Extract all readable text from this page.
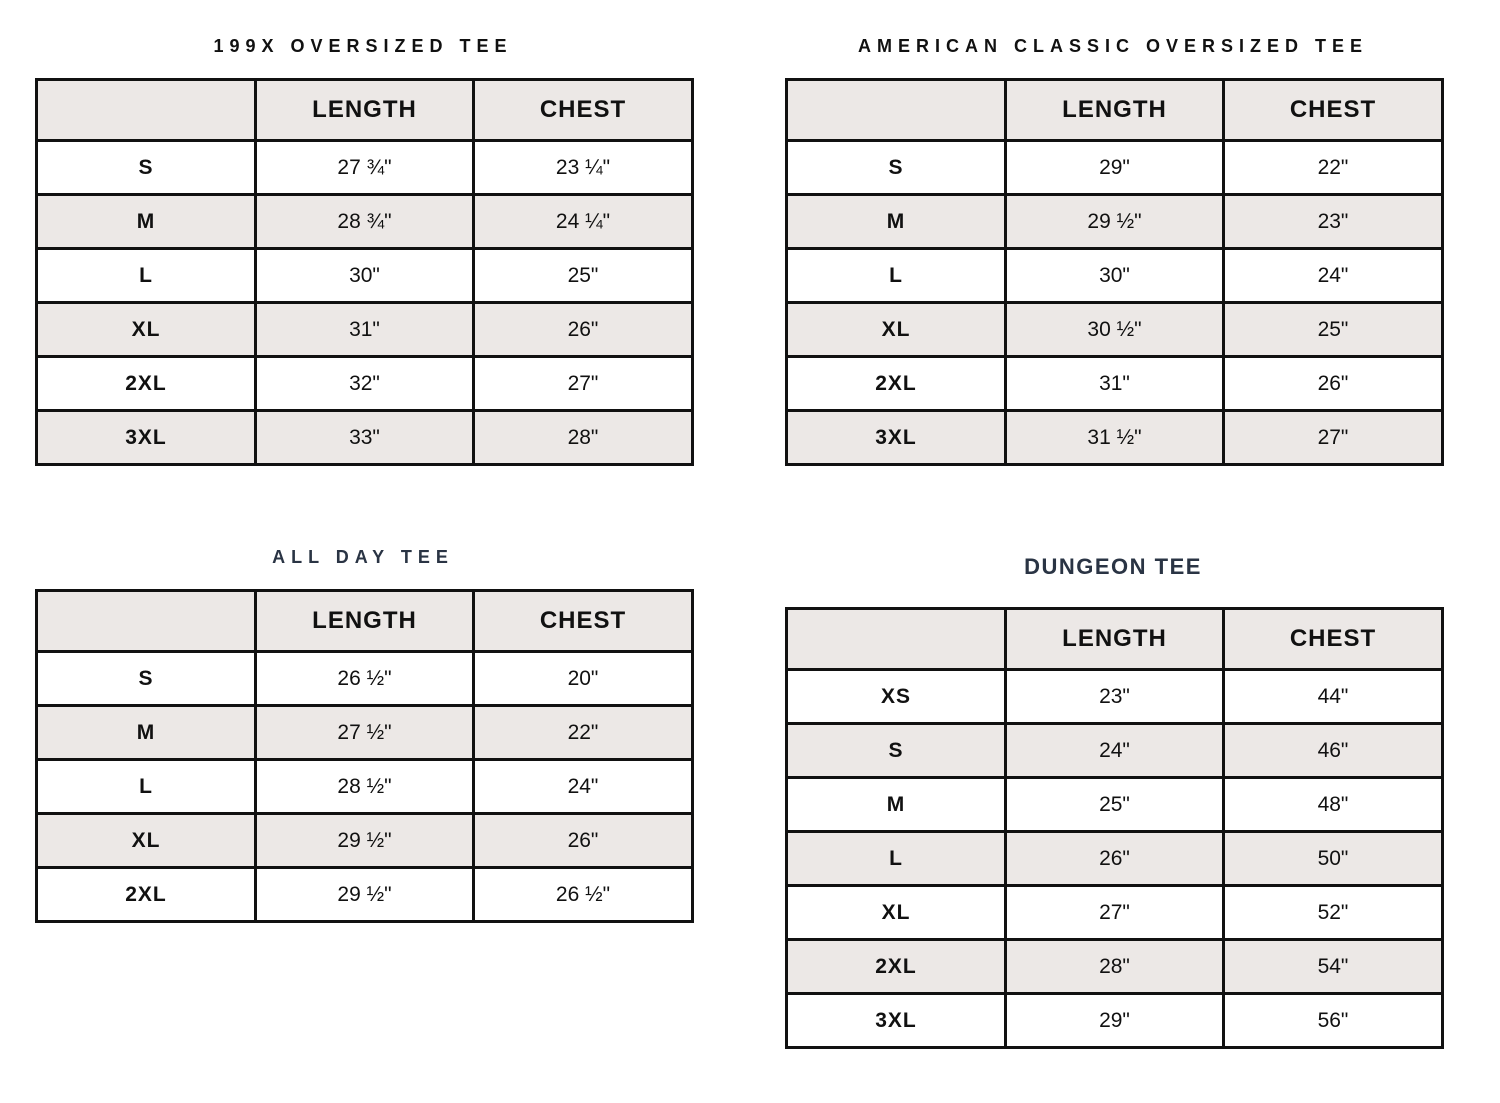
199X OVERSIZED TEE
	LENGTH	CHEST
S	27 ¾"	23 ¼"
M	28 ¾"	24 ¼"
L	30"	25"
XL	31"	26"
2XL	32"	27"
3XL	33"	28"
AMERICAN CLASSIC OVERSIZED TEE
	LENGTH	CHEST
S	29"	22"
M	29 ½"	23"
L	30"	24"
XL	30 ½"	25"
2XL	31"	26"
3XL	31 ½"	27"
ALL DAY TEE
	LENGTH	CHEST
S	26 ½"	20"
M	27 ½"	22"
L	28 ½"	24"
XL	29 ½"	26"
2XL	29 ½"	26 ½"
DUNGEON TEE
	LENGTH	CHEST
XS	23"	44"
S	24"	46"
M	25"	48"
L	26"	50"
XL	27"	52"
2XL	28"	54"
3XL	29"	56"
